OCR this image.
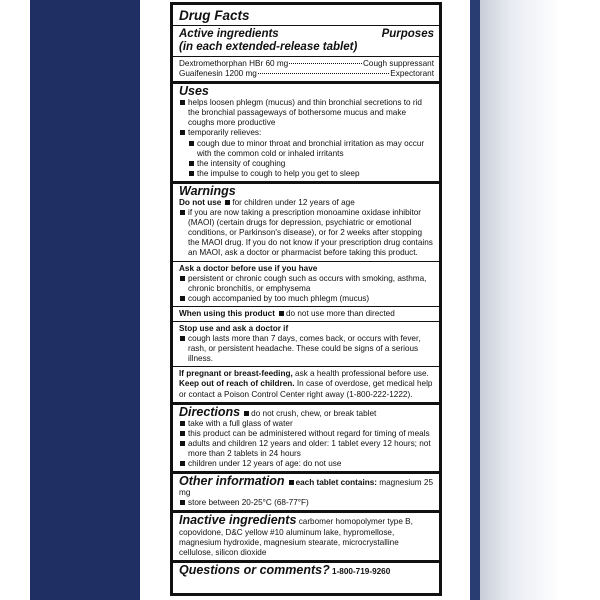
Drug Facts
Active ingredients	Purposes
(in each extended-release tablet)
Dextromethorphan HBr 60 mg	Cough suppressant
Guaifenesin 1200 mg	Expectorant
Uses
helps loosen phlegm (mucus) and thin bronchial secretions to rid the bronchial passageways of bothersome mucus and make coughs more productive
temporarily relieves:
cough due to minor throat and bronchial irritation as may occur with the common cold or inhaled irritants
the intensity of coughing
the impulse to cough to help you get to sleep
Warnings
Do not use for children under 12 years of age
if you are now taking a prescription monoamine oxidase inhibitor (MAOI) (certain drugs for depression, psychiatric or emotional conditions, or Parkinson's disease), or for 2 weeks after stopping the MAOI drug. If you do not know if your prescription drug contains an MAOI, ask a doctor or pharmacist before taking this product.
Ask a doctor before use if you have
persistent or chronic cough such as occurs with smoking, asthma, chronic bronchitis, or emphysema
cough accompanied by too much phlegm (mucus)
When using this product do not use more than directed
Stop use and ask a doctor if
cough lasts more than 7 days, comes back, or occurs with fever, rash, or persistent headache. These could be signs of a serious illness.
If pregnant or breast-feeding, ask a health professional before use.
Keep out of reach of children. In case of overdose, get medical help or contact a Poison Control Center right away (1-800-222-1222).
Directions do not crush, chew, or break tablet
take with a full glass of water
this product can be administered without regard for timing of meals
adults and children 12 years and older: 1 tablet every 12 hours; not more than 2 tablets in 24 hours
children under 12 years of age: do not use
Other information each tablet contains: magnesium 25 mg
store between 20-25°C (68-77°F)
Inactive ingredients carbomer homopolymer type B, copovidone, D&C yellow #10 aluminum lake, hypromellose, magnesium hydroxide, magnesium stearate, microcrystalline cellulose, silicon dioxide
Questions or comments? 1-800-719-9260
